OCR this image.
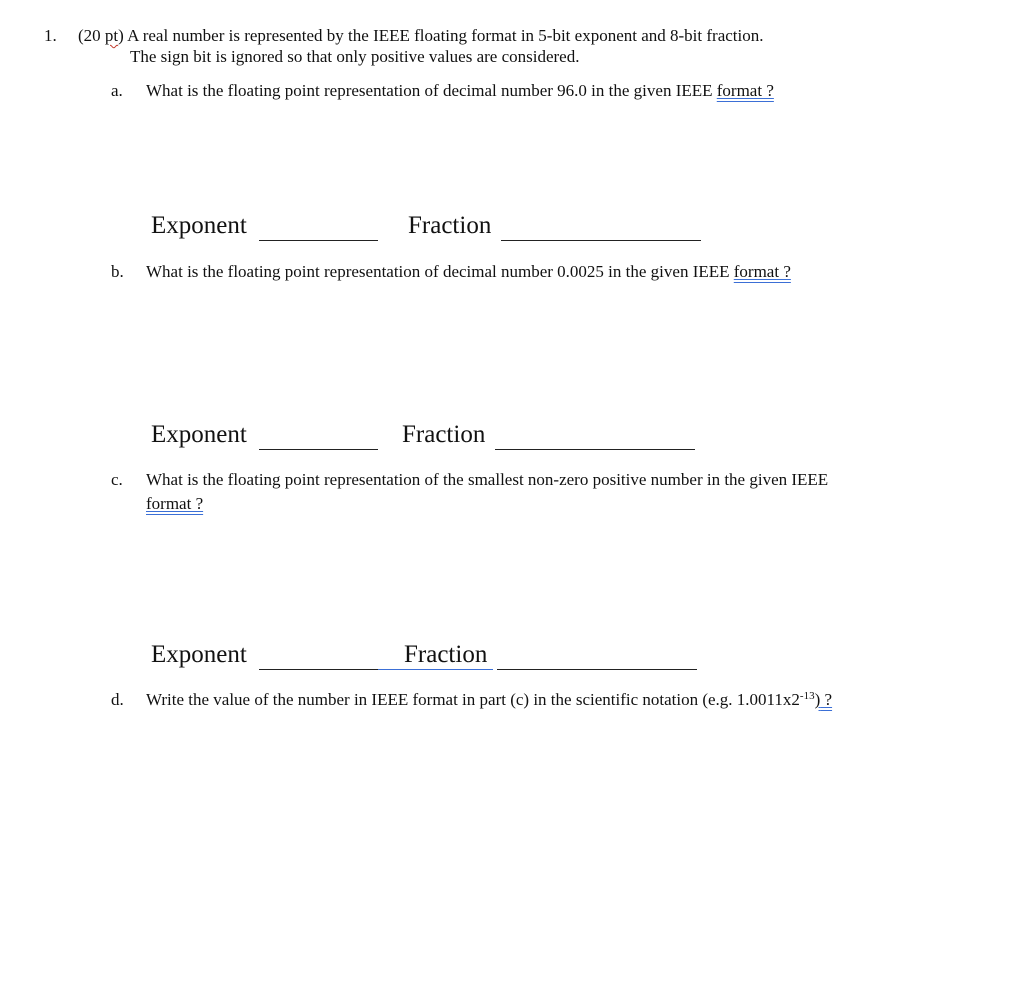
1. (20 pt) A real number is represented by the IEEE floating format in 5-bit exponent and 8-bit fraction.
The sign bit is ignored so that only positive values are considered.
a. What is the floating point representation of decimal number 96.0 in the given IEEE format ?
Exponent	Fraction
b. What is the floating point representation of decimal number 0.0025 in the given IEEE format ?
Exponent	Fraction
c. What is the floating point representation of the smallest non-zero positive number in the given IEEE
format ?
Exponent	Fraction
d. Write the value of the number in IEEE format in part (c) in the scientific notation (e.g. $1.0011x2^{-13}$) ?
